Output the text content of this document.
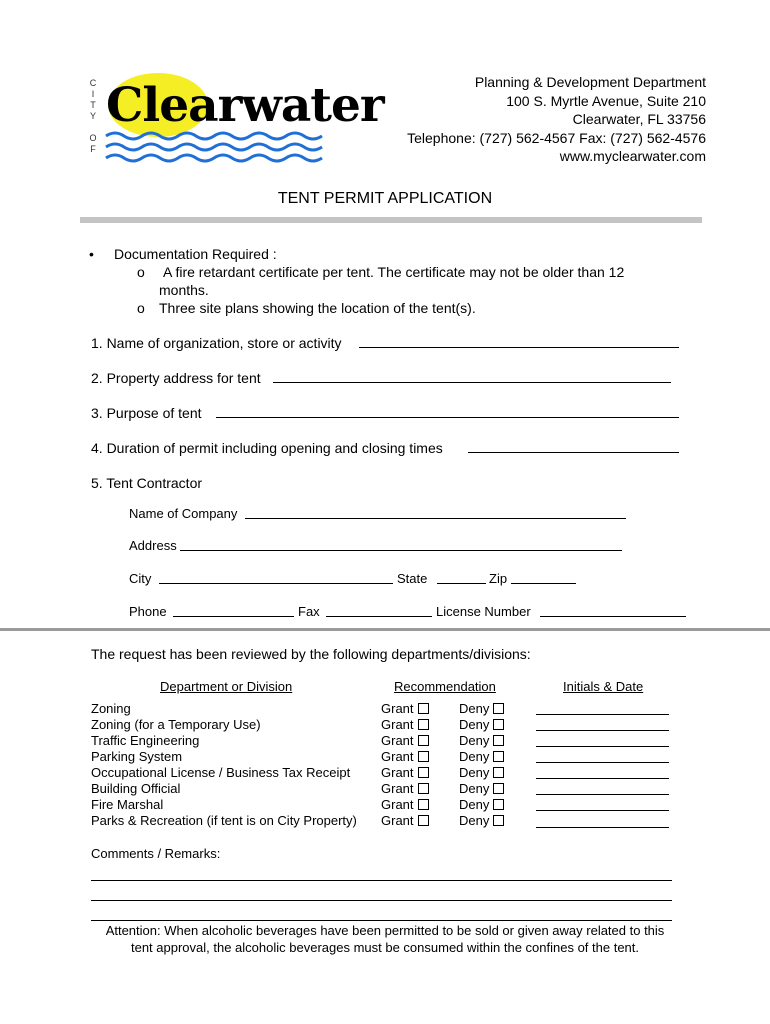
C
I
T
Y

O
F
Clearwater	Planning & Development Department
100 S. Myrtle Avenue, Suite 210
Clearwater, FL 33756
Telephone: (727) 562-4567 Fax: (727) 562-4576
www.myclearwater.com
TENT PERMIT APPLICATION
• Documentation Required :
o A fire retardant certificate per tent. The certificate may not be older than 12
months.
o Three site plans showing the location of the tent(s).
1. Name of organization, store or activity
2. Property address for tent
3. Purpose of tent
4. Duration of permit including opening and closing times
5. Tent Contractor
Name of Company
Address
City	State	Zip
Phone	Fax	License Number
The request has been reviewed by the following departments/divisions:
Department or Division	Recommendation	Initials & Date
Zoning	Grant	Deny
Zoning (for a Temporary Use)	Grant	Deny
Traffic Engineering	Grant	Deny
Parking System	Grant	Deny
Occupational License / Business Tax Receipt Grant	Deny
Building Official	Grant	Deny
Fire Marshal	Grant	Deny
Parks & Recreation (if tent is on City Property) Grant	Deny
Comments / Remarks:
Attention: When alcoholic beverages have been permitted to be sold or given away related to this
tent approval, the alcoholic beverages must be consumed within the confines of the tent.
